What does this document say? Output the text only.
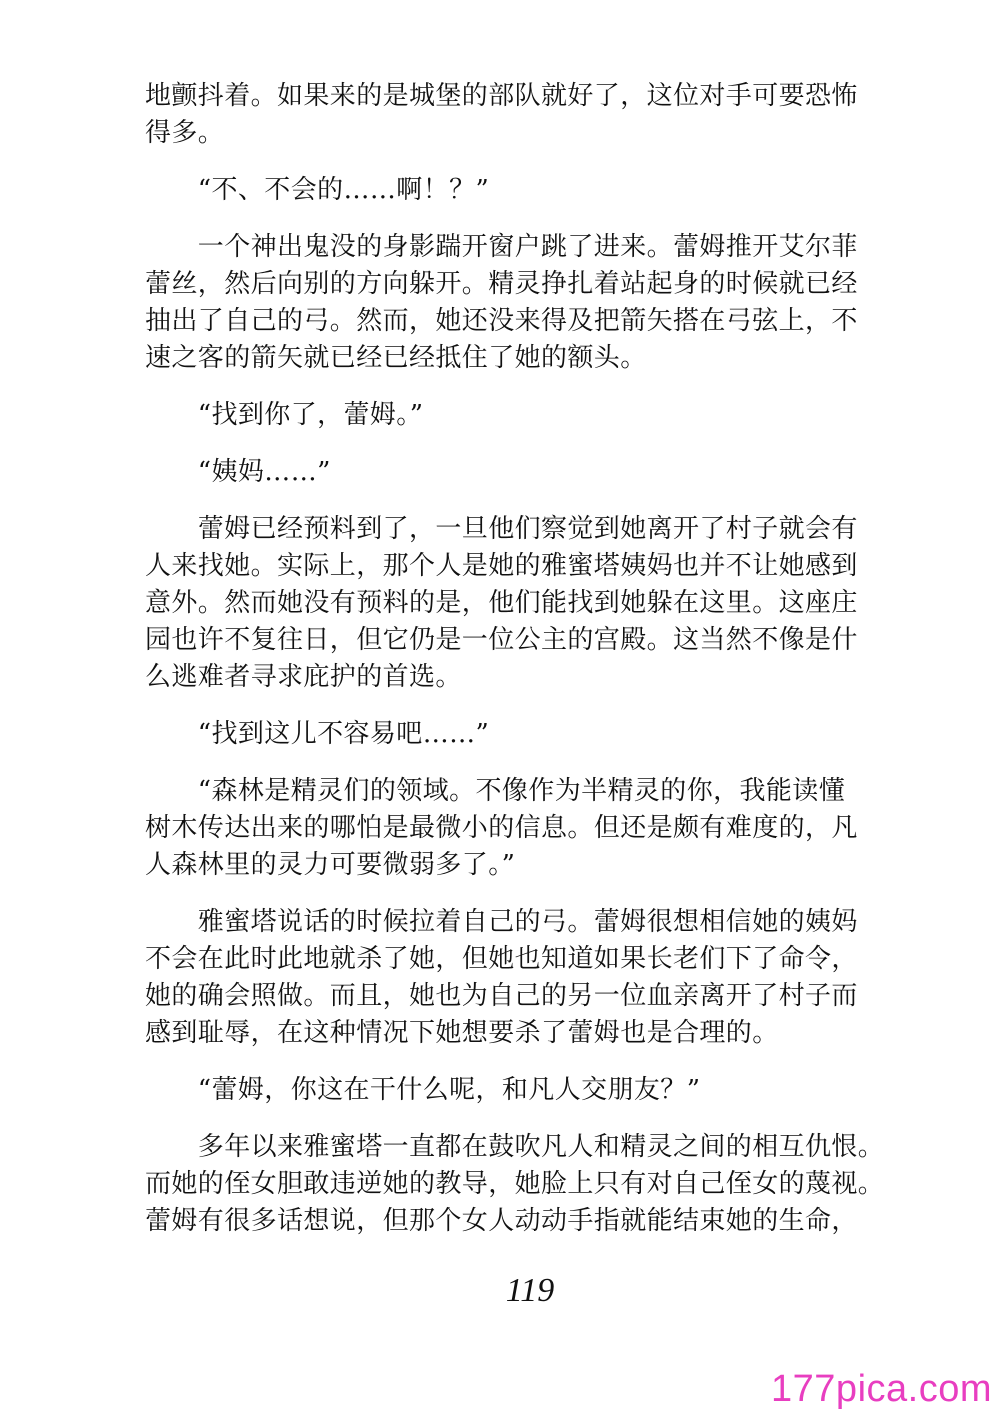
地颤抖着。如果来的是城堡的部队就好了，这位对手可要恐怖
得多。
　　“不、不会的……啊！？”
　　一个神出鬼没的身影踹开窗户跳了进来。蕾姆推开艾尔菲
蕾丝，然后向别的方向躲开。精灵挣扎着站起身的时候就已经
抽出了自己的弓。然而，她还没来得及把箭矢搭在弓弦上，不
速之客的箭矢就已经已经抵住了她的额头。
　　“找到你了，蕾姆。”
　　“姨妈……”
　　蕾姆已经预料到了，一旦他们察觉到她离开了村子就会有
人来找她。实际上，那个人是她的雅蜜塔姨妈也并不让她感到
意外。然而她没有预料的是，他们能找到她躲在这里。这座庄
园也许不复往日，但它仍是一位公主的宫殿。这当然不像是什
么逃难者寻求庇护的首选。
　　“找到这儿不容易吧……”
　　“森林是精灵们的领域。不像作为半精灵的你，我能读懂
树木传达出来的哪怕是最微小的信息。但还是颇有难度的，凡
人森林里的灵力可要微弱多了。”
　　雅蜜塔说话的时候拉着自己的弓。蕾姆很想相信她的姨妈
不会在此时此地就杀了她，但她也知道如果长老们下了命令，
她的确会照做。而且，她也为自己的另一位血亲离开了村子而
感到耻辱，在这种情况下她想要杀了蕾姆也是合理的。
　　“蕾姆，你这在干什么呢，和凡人交朋友？”
　　多年以来雅蜜塔一直都在鼓吹凡人和精灵之间的相互仇恨。
而她的侄女胆敢违逆她的教导，她脸上只有对自己侄女的蔑视。
蕾姆有很多话想说，但那个女人动动手指就能结束她的生命，
119
177pica.com
